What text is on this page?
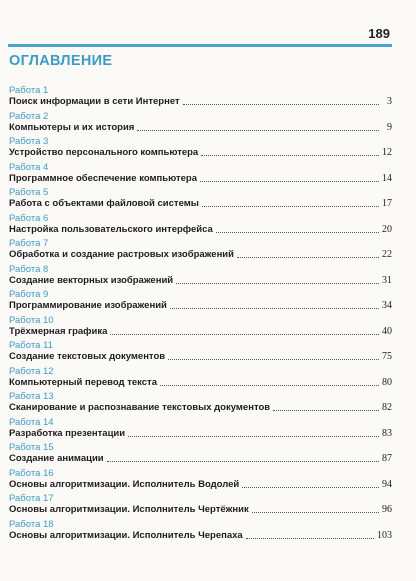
189
ОГЛАВЛЕНИЕ
Работа 1
Поиск информации в сети Интернет	3
Работа 2
Компьютеры и их история	9
Работа 3
Устройство персонального компьютера	12
Работа 4
Программное обеспечение компьютера	14
Работа 5
Работа с объектами файловой системы	17
Работа 6
Настройка пользовательского интерфейса	20
Работа 7
Обработка и создание растровых изображений	22
Работа 8
Создание векторных изображений	31
Работа 9
Программирование изображений	34
Работа 10
Трёхмерная графика	40
Работа 11
Создание текстовых документов	75
Работа 12
Компьютерный перевод текста	80
Работа 13
Сканирование и распознавание текстовых документов	82
Работа 14
Разработка презентации	83
Работа 15
Создание анимации	87
Работа 16
Основы алгоритмизации. Исполнитель Водолей	94
Работа 17
Основы алгоритмизации. Исполнитель Чертёжник	96
Работа 18
Основы алгоритмизации. Исполнитель Черепаха	103
